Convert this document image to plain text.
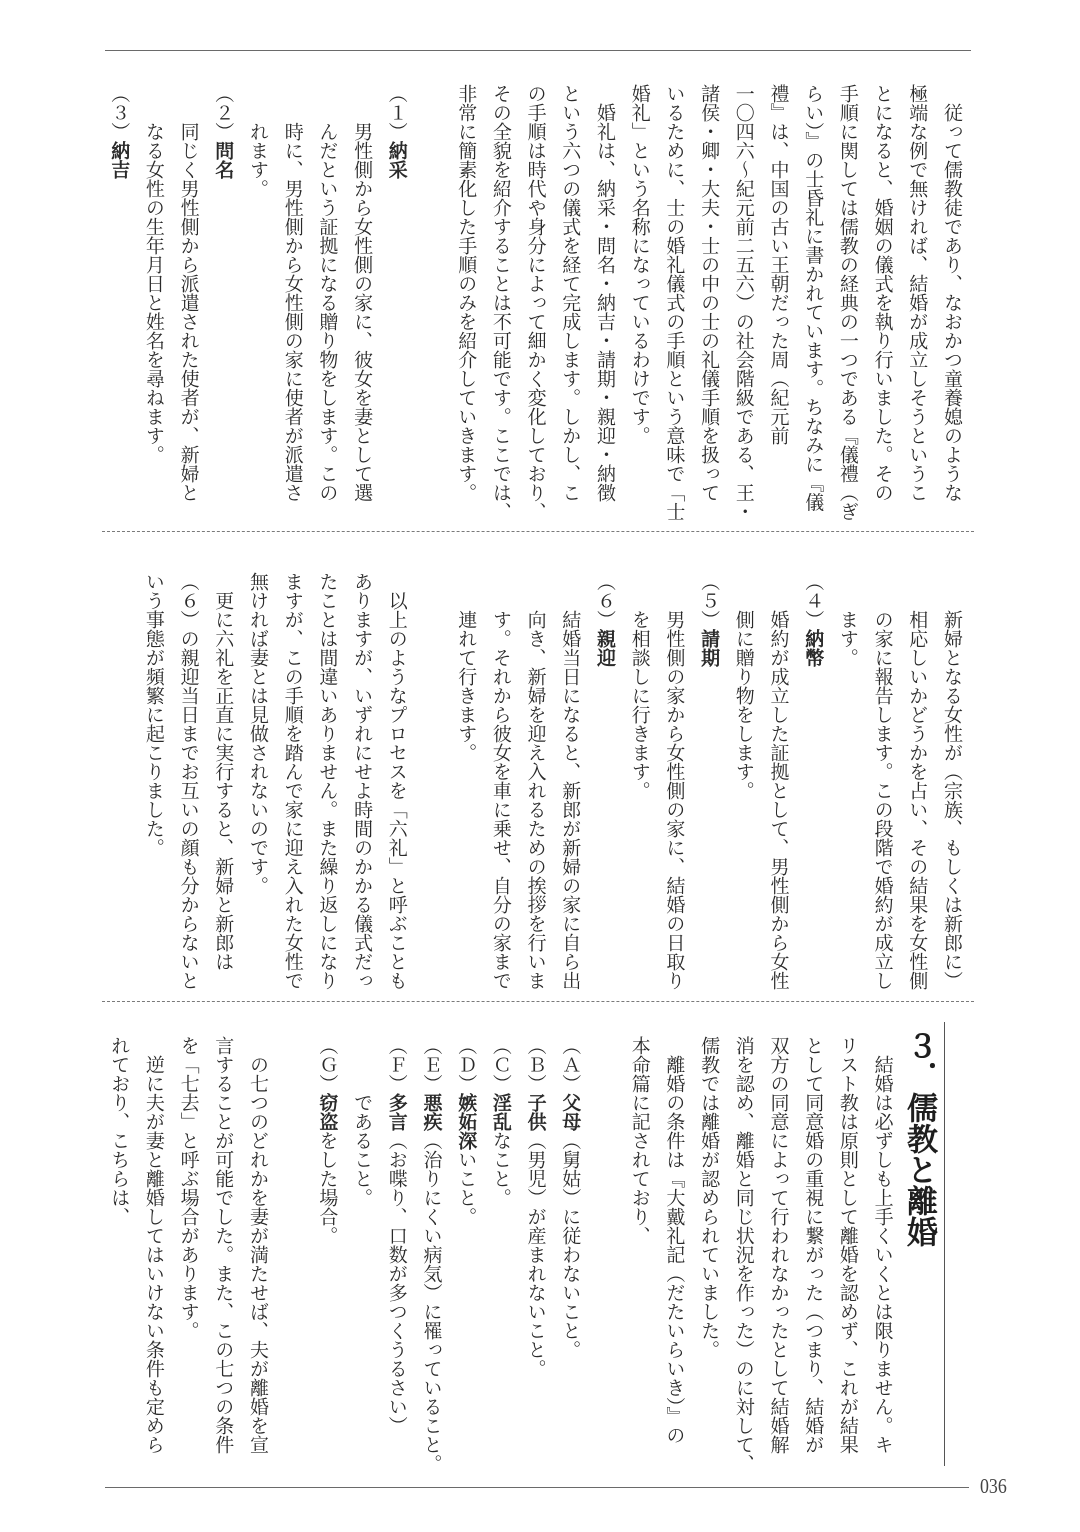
３．儒教と離婚
036
従って儒教徒であり、なおかつ童養媳のような
極端な例で無ければ、結婚が成立しそうというこ
とになると、婚姻の儀式を執り行いました。その
手順に関しては儒教の経典の一つである『儀禮（ぎ
らい）』の士昏礼に書かれています。ちなみに『儀
禮』は、中国の古い王朝だった周（紀元前
一〇四六〜紀元前二五六）の社会階級である、王・
諸侯・卿・大夫・士の中の士の礼儀手順を扱って
いるために、士の婚礼儀式の手順という意味で「士
婚礼」という名称になっているわけです。
婚礼は、納采・問名・納吉・請期・親迎・納徴
という六つの儀式を経て完成します。しかし、こ
の手順は時代や身分によって細かく変化しており、
その全貌を紹介することは不可能です。ここでは、
非常に簡素化した手順のみを紹介していきます。
（１）納采
男性側から女性側の家に、彼女を妻として選
んだという証拠になる贈り物をします。この
時に、男性側から女性側の家に使者が派遣さ
れます。
（２）問名
同じく男性側から派遣された使者が、新婦と
なる女性の生年月日と姓名を尋ねます。
（３）納吉
新婦となる女性が（宗族、もしくは新郎に）
相応しいかどうかを占い、その結果を女性側
の家に報告します。この段階で婚約が成立し
ます。
（４）納幣
婚約が成立した証拠として、男性側から女性
側に贈り物をします。
（５）請期
男性側の家から女性側の家に、結婚の日取り
を相談しに行きます。
（６）親迎
結婚当日になると、新郎が新婦の家に自ら出
向き、新婦を迎え入れるための挨拶を行いま
す。それから彼女を車に乗せ、自分の家まで
連れて行きます。
以上のようなプロセスを「六礼」と呼ぶことも
ありますが、いずれにせよ時間のかかる儀式だっ
たことは間違いありません。また繰り返しになり
ますが、この手順を踏んで家に迎え入れた女性で
無ければ妻とは見做されないのです。
更に六礼を正直に実行すると、新婦と新郎は
（６）の親迎当日までお互いの顔も分からないと
いう事態が頻繁に起こりました。
結婚は必ずしも上手くいくとは限りません。キ
リスト教は原則として離婚を認めず、これが結果
として同意婚の重視に繋がった（つまり、結婚が
双方の同意によって行われなかったとして結婚解
消を認め、離婚と同じ状況を作った）のに対して、
儒教では離婚が認められていました。
離婚の条件は『大戴礼記（だたいらいき）』の
本命篇に記されており、
（Ａ）父母（舅姑）に従わないこと。
（Ｂ）子供（男児）が産まれないこと。
（Ｃ）淫乱なこと。
（Ｄ）嫉妬深いこと。
（Ｅ）悪疾（治りにくい病気）に罹っていること。
（Ｆ）多言（お喋り、口数が多つくうるさい）
であること。
（Ｇ）窃盗をした場合。
の七つのどれかを妻が満たせば、夫が離婚を宣
言することが可能でした。また、この七つの条件
を「七去」と呼ぶ場合があります。
逆に夫が妻と離婚してはいけない条件も定めら
れており、こちらは、
